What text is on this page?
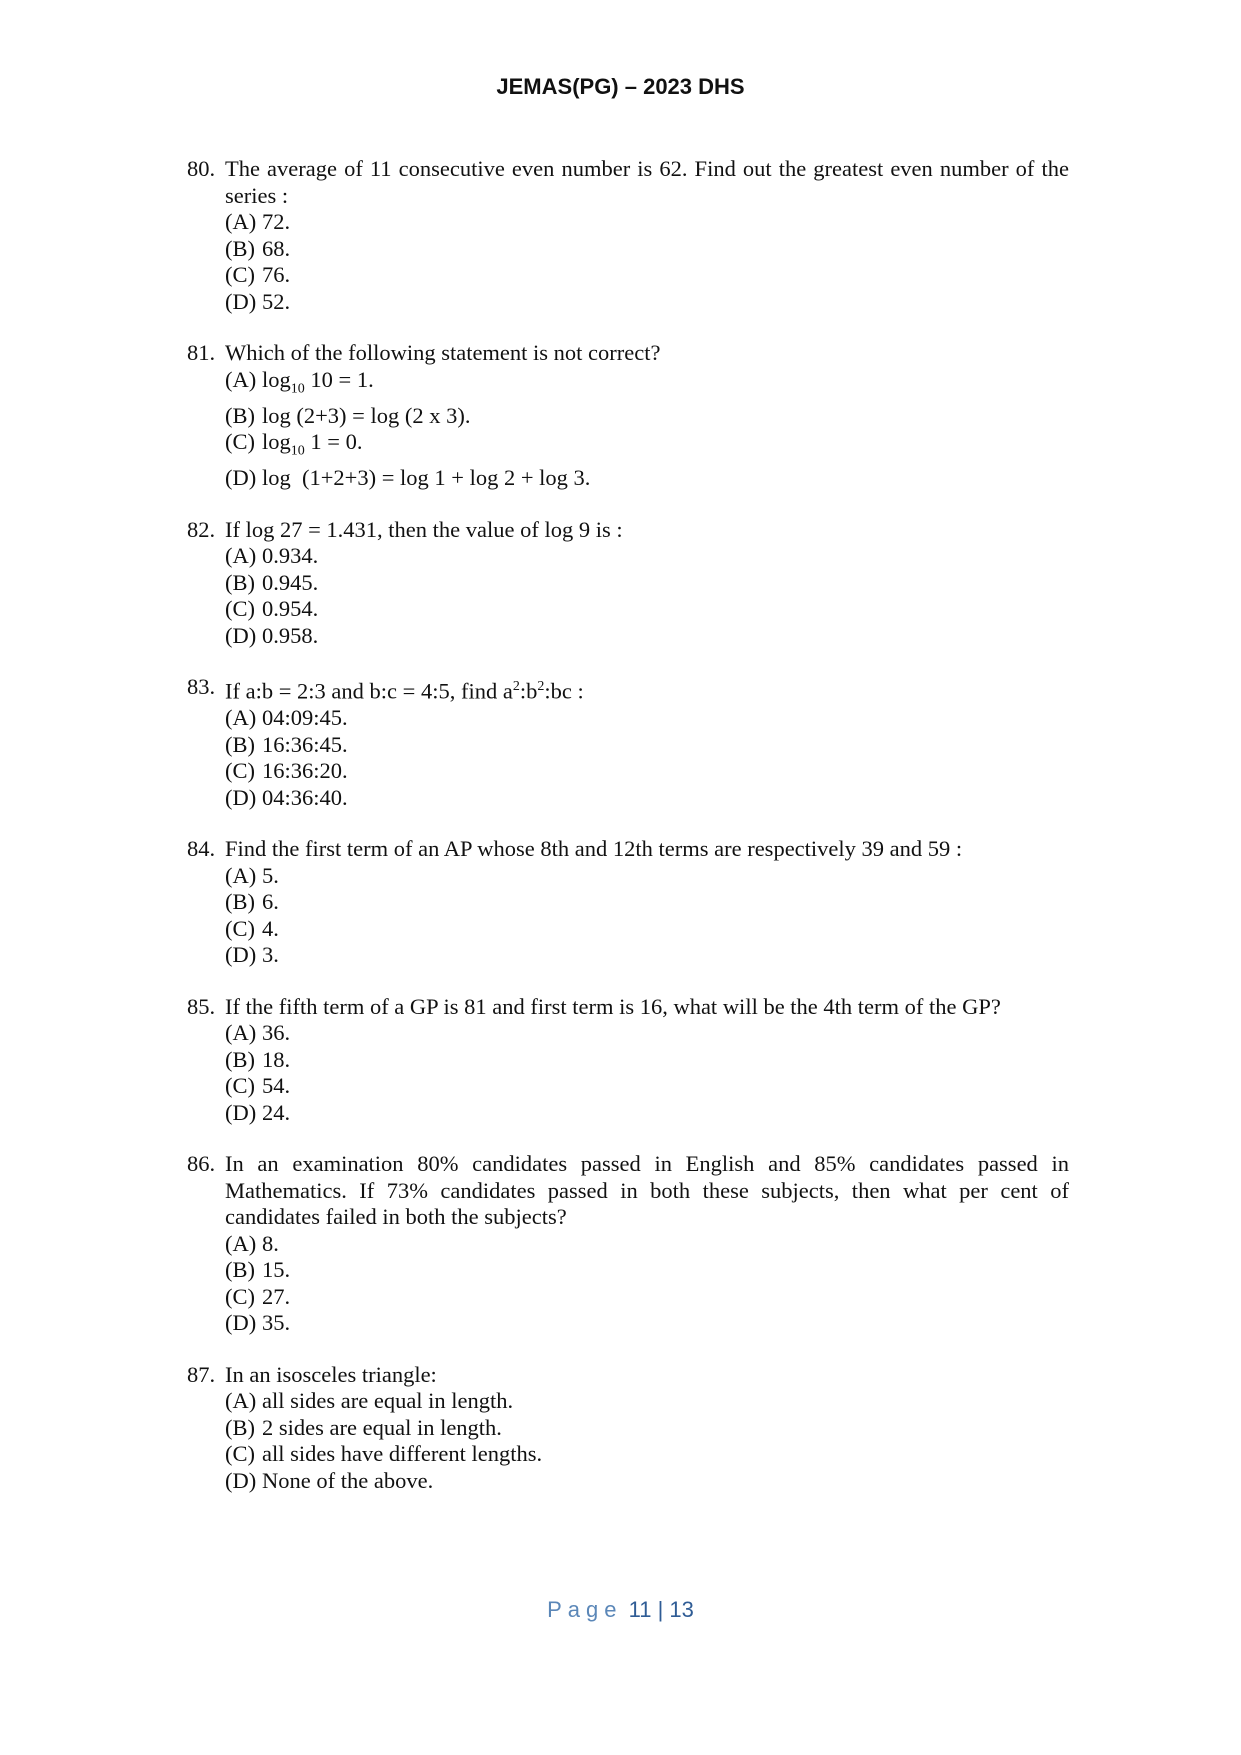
JEMAS(PG) – 2023 DHS
80. The average of 11 consecutive even number is 62. Find out the greatest even number of the series :
(A) 72.
(B) 68.
(C) 76.
(D) 52.
81. Which of the following statement is not correct?
(A) $\log_{10} 10 = 1$.
(B) log (2+3) = log (2 x 3).
(C) $\log_{10} 1 = 0$.
(D) log  (1+2+3) = log 1 + log 2 + log 3.
82. If log 27 = 1.431, then the value of log 9 is :
(A) 0.934.
(B) 0.945.
(C) 0.954.
(D) 0.958.
83. If a:b = 2:3 and b:c = 4:5, find $a^2:b^2:bc$ :
(A) 04:09:45.
(B) 16:36:45.
(C) 16:36:20.
(D) 04:36:40.
84. Find the first term of an AP whose 8th and 12th terms are respectively 39 and 59 :
(A) 5.
(B) 6.
(C) 4.
(D) 3.
85. If the fifth term of a GP is 81 and first term is 16, what will be the 4th term of the GP?
(A) 36.
(B) 18.
(C) 54.
(D) 24.
86. In an examination 80% candidates passed in English and 85% candidates passed in Mathematics. If 73% candidates passed in both these subjects, then what per cent of candidates failed in both the subjects?
(A) 8.
(B) 15.
(C) 27.
(D) 35.
87. In an isosceles triangle:
(A) all sides are equal in length.
(B) 2 sides are equal in length.
(C) all sides have different lengths.
(D) None of the above.
Page 11 | 13
